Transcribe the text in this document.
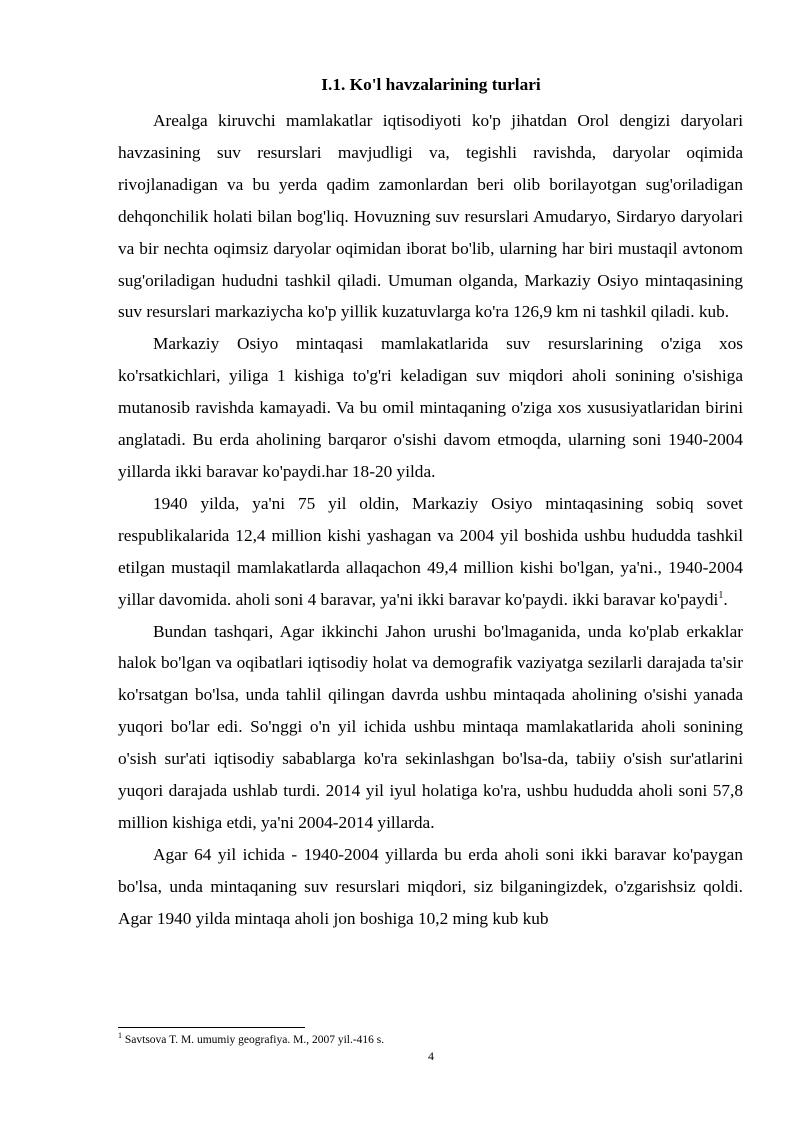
I.1. Ko'l havzalarining turlari

Arealga kiruvchi mamlakatlar iqtisodiyoti ko'p jihatdan Orol dengizi daryolari havzasining suv resurslari mavjudligi va, tegishli ravishda, daryolar oqimida rivojlanadigan va bu yerda qadim zamonlardan beri olib borilayotgan sug'oriladigan dehqonchilik holati bilan bog'liq. Hovuzning suv resurslari Amudaryo, Sirdaryo daryolari va bir nechta oqimsiz daryolar oqimidan iborat bo'lib, ularning har biri mustaqil avtonom sug'oriladigan hududni tashkil qiladi. Umuman olganda, Markaziy Osiyo mintaqasining suv resurslari markaziycha ko'p yillik kuzatuvlarga ko'ra 126,9 km ni tashkil qiladi. kub.

Markaziy Osiyo mintaqasi mamlakatlarida suv resurslarining o'ziga xos ko'rsatkichlari, yiliga 1 kishiga to'g'ri keladigan suv miqdori aholi sonining o'sishiga mutanosib ravishda kamayadi. Va bu omil mintaqaning o'ziga xos xususiyatlaridan birini anglatadi. Bu erda aholining barqaror o'sishi davom etmoqda, ularning soni 1940-2004 yillarda ikki baravar ko'paydi.har 18-20 yilda.

1940 yilda, ya'ni 75 yil oldin, Markaziy Osiyo mintaqasining sobiq sovet respublikalarida 12,4 million kishi yashagan va 2004 yil boshida ushbu hududda tashkil etilgan mustaqil mamlakatlarda allaqachon 49,4 million kishi bo'lgan, ya'ni., 1940-2004 yillar davomida. aholi soni 4 baravar, ya'ni ikki baravar ko'paydi. ikki baravar ko'paydi$^1$.

Bundan tashqari, Agar ikkinchi Jahon urushi bo'lmaganida, unda ko'plab erkaklar halok bo'lgan va oqibatlari iqtisodiy holat va demografik vaziyatga sezilarli darajada ta'sir ko'rsatgan bo'lsa, unda tahlil qilingan davrda ushbu mintaqada aholining o'sishi yanada yuqori bo'lar edi. So'nggi o'n yil ichida ushbu mintaqa mamlakatlarida aholi sonining o'sish sur'ati iqtisodiy sabablarga ko'ra sekinlashgan bo'lsa-da, tabiiy o'sish sur'atlarini yuqori darajada ushlab turdi. 2014 yil iyul holatiga ko'ra, ushbu hududda aholi soni 57,8 million kishiga etdi, ya'ni 2004-2014 yillarda.

Agar 64 yil ichida - 1940-2004 yillarda bu erda aholi soni ikki baravar ko'paygan bo'lsa, unda mintaqaning suv resurslari miqdori, siz bilganingizdek, o'zgarishsiz qoldi. Agar 1940 yilda mintaqa aholi jon boshiga 10,2 ming kub kub

$^1$ Savtsova T. M. umumiy geografiya. M., 2007 yil.-416 s.

4
